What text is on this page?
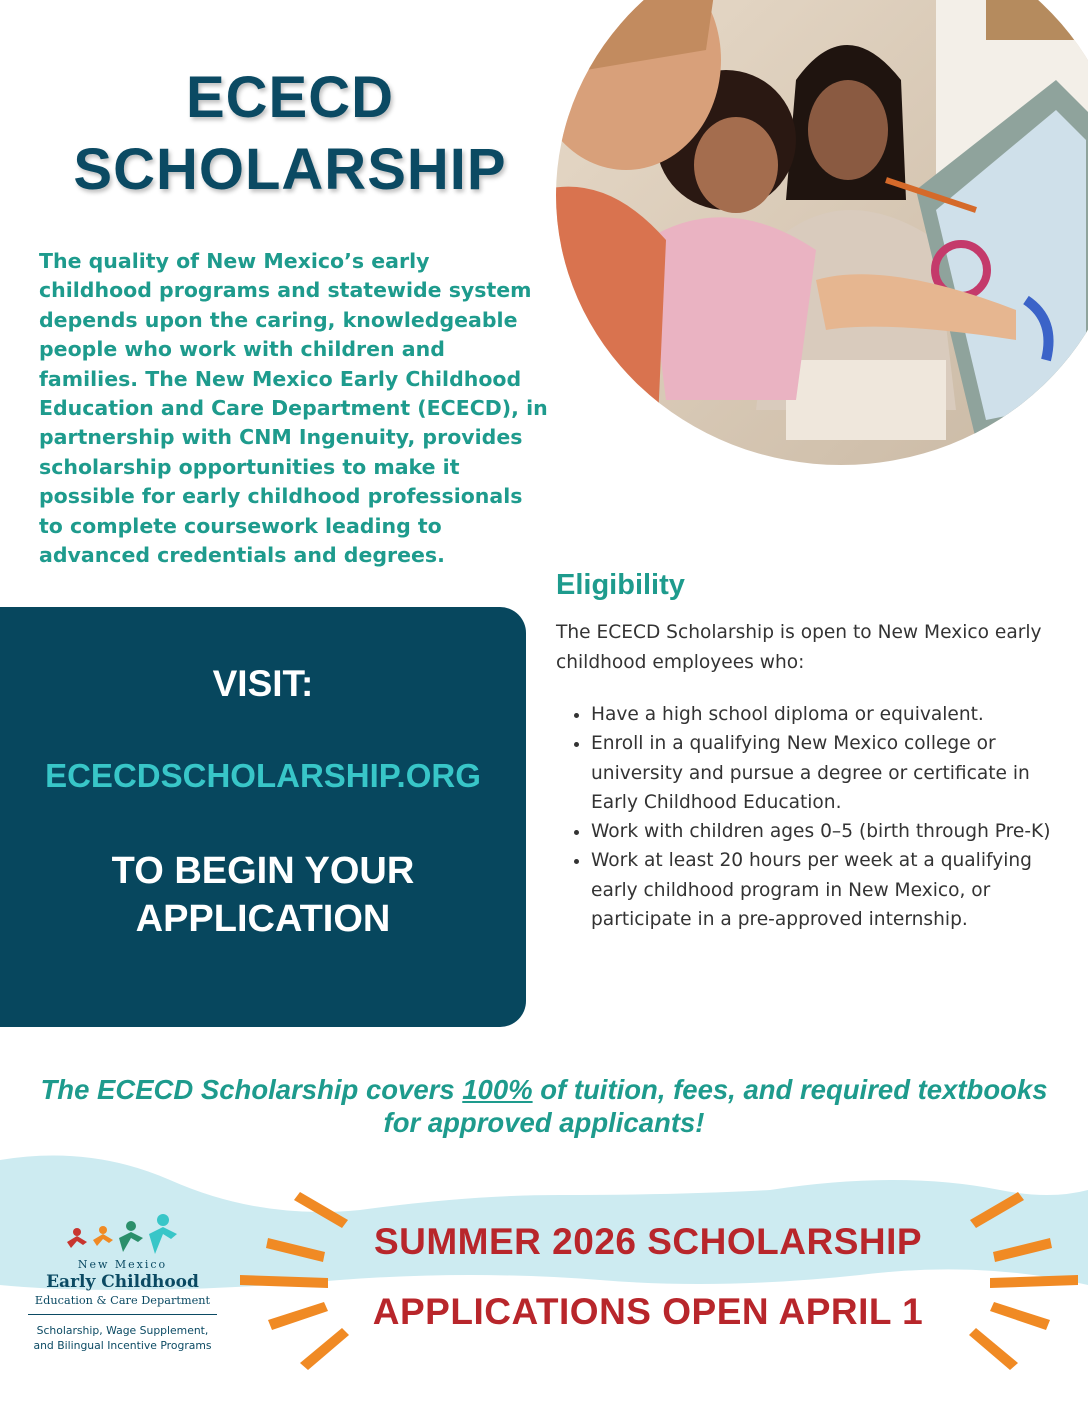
ECECD
SCHOLARSHIP

The quality of New Mexico’s early childhood programs and statewide system depends upon the caring, knowledgeable people who work with children and families. The New Mexico Early Childhood Education and Care Department (ECECD), in partnership with CNM Ingenuity, provides scholarship opportunities to make it possible for early childhood professionals to complete coursework leading to advanced credentials and degrees.

VISIT:
ECECDSCHOLARSHIP.ORG
TO BEGIN YOUR
APPLICATION
Eligibility

The ECECD Scholarship is open to New Mexico early childhood employees who:

• Have a high school diploma or equivalent.
• Enroll in a qualifying New Mexico college or university and pursue a degree or certificate in Early Childhood Education.
• Work with children ages 0–5 (birth through Pre-K)
• Work at least 20 hours per week at a qualifying early childhood program in New Mexico, or participate in a pre-approved internship.
The ECECD Scholarship covers 100% of tuition, fees, and required textbooks for approved applicants!
SUMMER 2026 SCHOLARSHIP
APPLICATIONS OPEN APRIL 1
New Mexico
Early Childhood
Education & Care Department
Scholarship, Wage Supplement,
and Bilingual Incentive Programs
